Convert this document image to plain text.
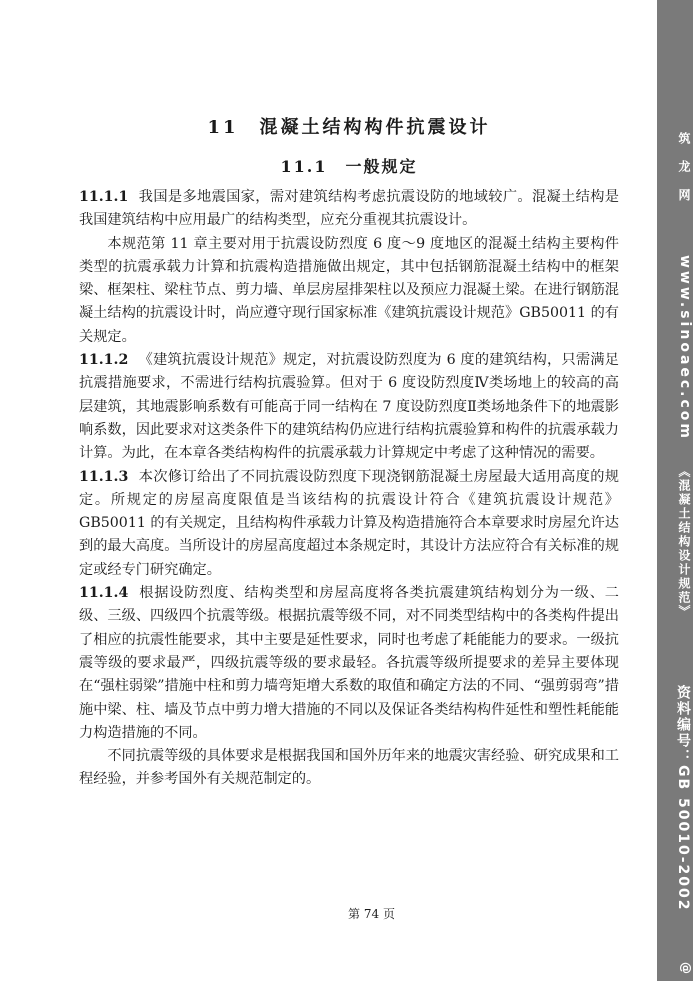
筑 龙 网
www.sinoaec.com
《混凝土结构设计规范》
资料编号：GB 50010-2002
@
11　混凝土结构构件抗震设计
11.1　一般规定

11.1.1 我国是多地震国家，需对建筑结构考虑抗震设防的地域较广。混凝土结构是我国建筑结构中应用最广的结构类型，应充分重视其抗震设计。

本规范第 11 章主要对用于抗震设防烈度 6 度～9 度地区的混凝土结构主要构件类型的抗震承载力计算和抗震构造措施做出规定，其中包括钢筋混凝土结构中的框架梁、框架柱、梁柱节点、剪力墙、单层房屋排架柱以及预应力混凝土梁。在进行钢筋混凝土结构的抗震设计时，尚应遵守现行国家标准《建筑抗震设计规范》GB50011 的有关规定。

11.1.2 《建筑抗震设计规范》规定，对抗震设防烈度为 6 度的建筑结构，只需满足抗震措施要求，不需进行结构抗震验算。但对于 6 度设防烈度Ⅳ类场地上的较高的高层建筑，其地震影响系数有可能高于同一结构在 7 度设防烈度Ⅱ类场地条件下的地震影响系数，因此要求对这类条件下的建筑结构仍应进行结构抗震验算和构件的抗震承载力计算。为此，在本章各类结构构件的抗震承载力计算规定中考虑了这种情况的需要。

11.1.3 本次修订给出了不同抗震设防烈度下现浇钢筋混凝土房屋最大适用高度的规定。所规定的房屋高度限值是当该结构的抗震设计符合《建筑抗震设计规范》GB50011 的有关规定，且结构构件承载力计算及构造措施符合本章要求时房屋允许达到的最大高度。当所设计的房屋高度超过本条规定时，其设计方法应符合有关标准的规定或经专门研究确定。

11.1.4 根据设防烈度、结构类型和房屋高度将各类抗震建筑结构划分为一级、二级、三级、四级四个抗震等级。根据抗震等级不同，对不同类型结构中的各类构件提出了相应的抗震性能要求，其中主要是延性要求，同时也考虑了耗能能力的要求。一级抗震等级的要求最严，四级抗震等级的要求最轻。各抗震等级所提要求的差异主要体现在“强柱弱梁”措施中柱和剪力墙弯矩增大系数的取值和确定方法的不同、“强剪弱弯”措施中梁、柱、墙及节点中剪力增大措施的不同以及保证各类结构构件延性和塑性耗能能力构造措施的不同。

不同抗震等级的具体要求是根据我国和国外历年来的地震灾害经验、研究成果和工程经验，并参考国外有关规范制定的。

第 74 页
